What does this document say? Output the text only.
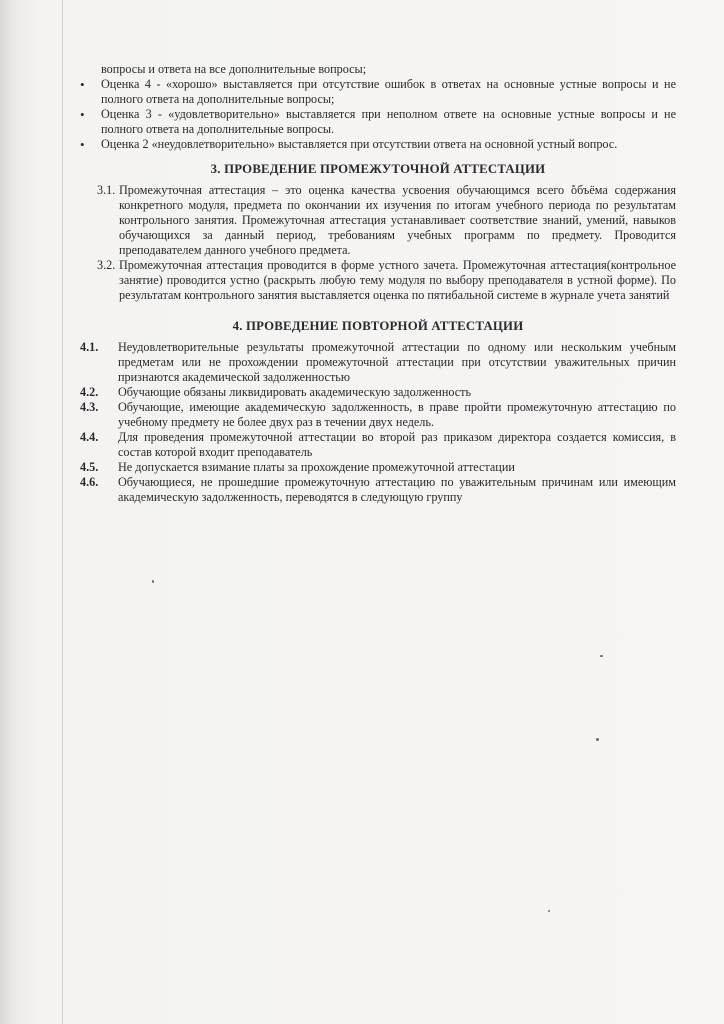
вопросы и ответа на все дополнительные вопросы;

• Оценка 4 - «хорошо» выставляется при отсутствие ошибок в ответах на основные устные вопросы и не полного ответа на дополнительные вопросы;
• Оценка 3 - «удовлетворительно» выставляется при неполном ответе на основные устные вопросы и не полного ответа на дополнительные вопросы.
• Оценка 2 «неудовлетворительно» выставляется при отсутствии ответа на основной устный вопрос.
3. ПРОВЕДЕНИЕ ПРОМЕЖУТОЧНОЙ АТТЕСТАЦИИ
3.1. Промежуточная аттестация – это оценка качества усвоения обучающимся всего объёма содержания конкретного модуля, предмета по окончании их изучения по итогам учебного периода по результатам контрольного занятия. Промежуточная аттестация устанавливает соответствие знаний, умений, навыков обучающихся за данный период, требованиям учебных программ по предмету. Проводится преподавателем данного учебного предмета.
3.2. Промежуточная аттестация проводится в форме устного зачета. Промежуточная аттестация(контрольное занятие) проводится устно (раскрыть любую тему модуля по выбору преподавателя в устной форме). По результатам контрольного занятия выставляется оценка по пятибальной системе в журнале учета занятий
4. ПРОВЕДЕНИЕ ПОВТОРНОЙ АТТЕСТАЦИИ
4.1.	Неудовлетворительные результаты промежуточной аттестации по одному или нескольким учебным предметам или не прохождении промежуточной аттестации при отсутствии уважительных причин признаются академической задолженностью
4.2.	Обучающие обязаны ликвидировать академическую задолженность
4.3.	Обучающие, имеющие академическую задолженность, в праве пройти промежуточную аттестацию по учебному предмету не более двух раз в течении двух недель.
4.4.	Для проведения промежуточной аттестации во второй раз приказом директора создается комиссия, в состав которой входит преподаватель
4.5.	Не допускается взимание платы за прохождение промежуточной аттестации
4.6.	Обучающиеся, не прошедшие промежуточную аттестацию по уважительным причинам или имеющим академическую задолженность, переводятся в следующую группу
